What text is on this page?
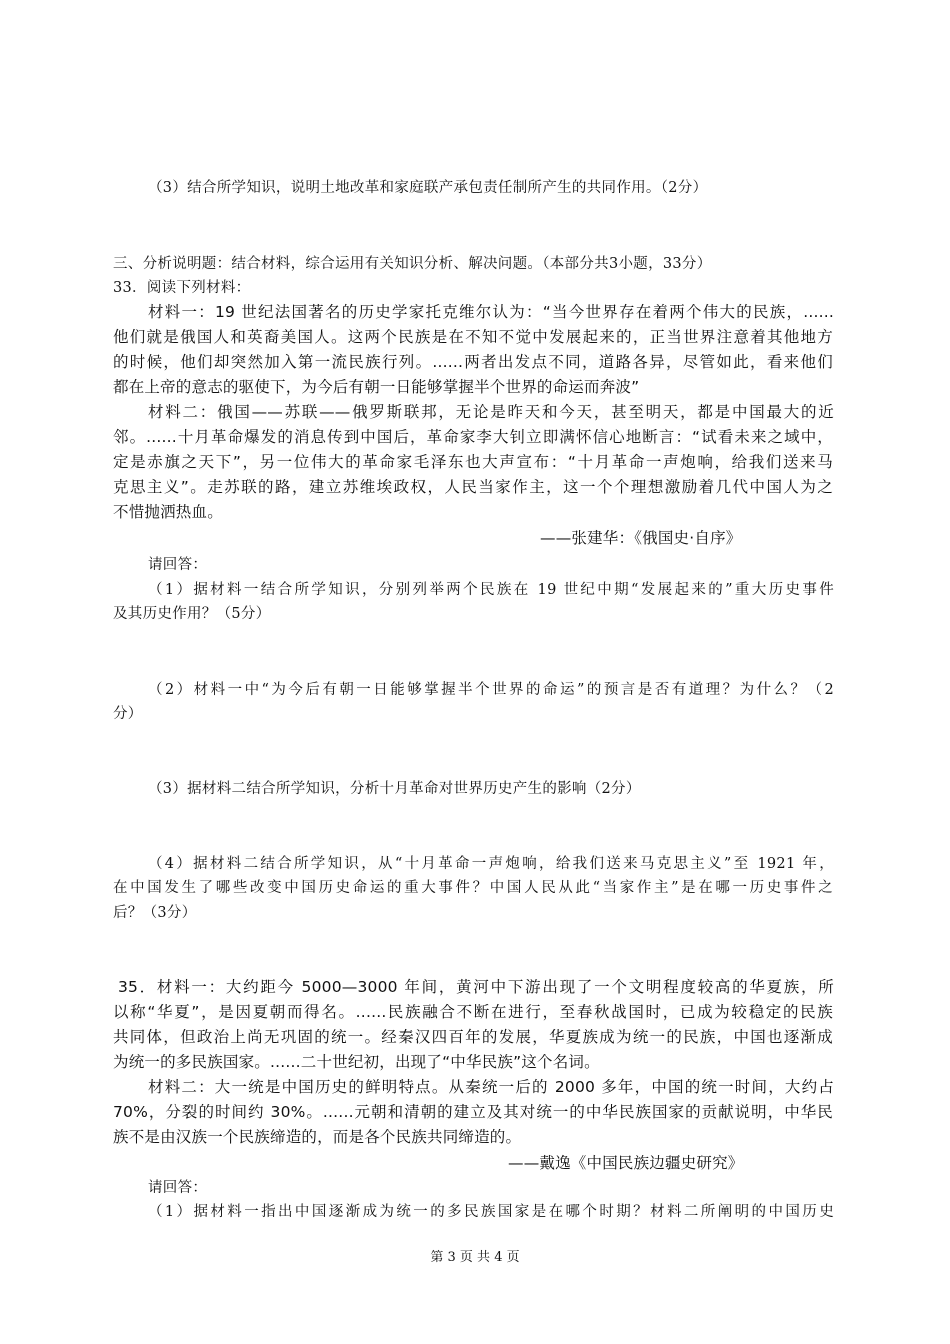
（3）结合所学知识，说明土地改革和家庭联产承包责任制所产生的共同作用。（2分）
三、分析说明题：结合材料，综合运用有关知识分析、解决问题。（本部分共3小题，33分）
33．阅读下列材料：
材料一：19 世纪法国著名的历史学家托克维尔认为：“当今世界存在着两个伟大的民族，......
他们就是俄国人和英裔美国人。这两个民族是在不知不觉中发展起来的，正当世界注意着其他地方
的时候，他们却突然加入第一流民族行列。......两者出发点不同，道路各异，尽管如此，看来他们
都在上帝的意志的驱使下，为今后有朝一日能够掌握半个世界的命运而奔波”
材料二：俄国——苏联——俄罗斯联邦，无论是昨天和今天，甚至明天，都是中国最大的近
邻。......十月革命爆发的消息传到中国后，革命家李大钊立即满怀信心地断言：“试看未来之域中，
定是赤旗之天下”，另一位伟大的革命家毛泽东也大声宣布：“十月革命一声炮响，给我们送来马
克思主义”。走苏联的路，建立苏维埃政权，人民当家作主，这一个个理想激励着几代中国人为之
不惜抛洒热血。
——张建华：《俄国史·自序》
请回答：
（1）据材料一结合所学知识，分别列举两个民族在 19 世纪中期“发展起来的”重大历史事件
及其历史作用？（5分）
（2）材料一中“为今后有朝一日能够掌握半个世界的命运”的预言是否有道理？为什么？（2
分）
（3）据材料二结合所学知识，分析十月革命对世界历史产生的影响（2分）
（4）据材料二结合所学知识，从“十月革命一声炮响，给我们送来马克思主义”至 1921 年，
在中国发生了哪些改变中国历史命运的重大事件？中国人民从此“当家作主”是在哪一历史事件之
后？（3分）
35．材料一：大约距今 5000—3000 年间，黄河中下游出现了一个文明程度较高的华夏族，所
以称“华夏”，是因夏朝而得名。......民族融合不断在进行，至春秋战国时，已成为较稳定的民族
共同体，但政治上尚无巩固的统一。经秦汉四百年的发展，华夏族成为统一的民族，中国也逐渐成
为统一的多民族国家。......二十世纪初，出现了“中华民族”这个名词。
材料二：大一统是中国历史的鲜明特点。从秦统一后的 2000 多年，中国的统一时间，大约占
70%，分裂的时间约 30%。......元朝和清朝的建立及其对统一的中华民族国家的贡献说明，中华民
族不是由汉族一个民族缔造的，而是各个民族共同缔造的。
——戴逸《中国民族边疆史研究》
请回答：
（1）据材料一指出中国逐渐成为统一的多民族国家是在哪个时期？材料二所阐明的中国历史
第 3 页 共 4 页
